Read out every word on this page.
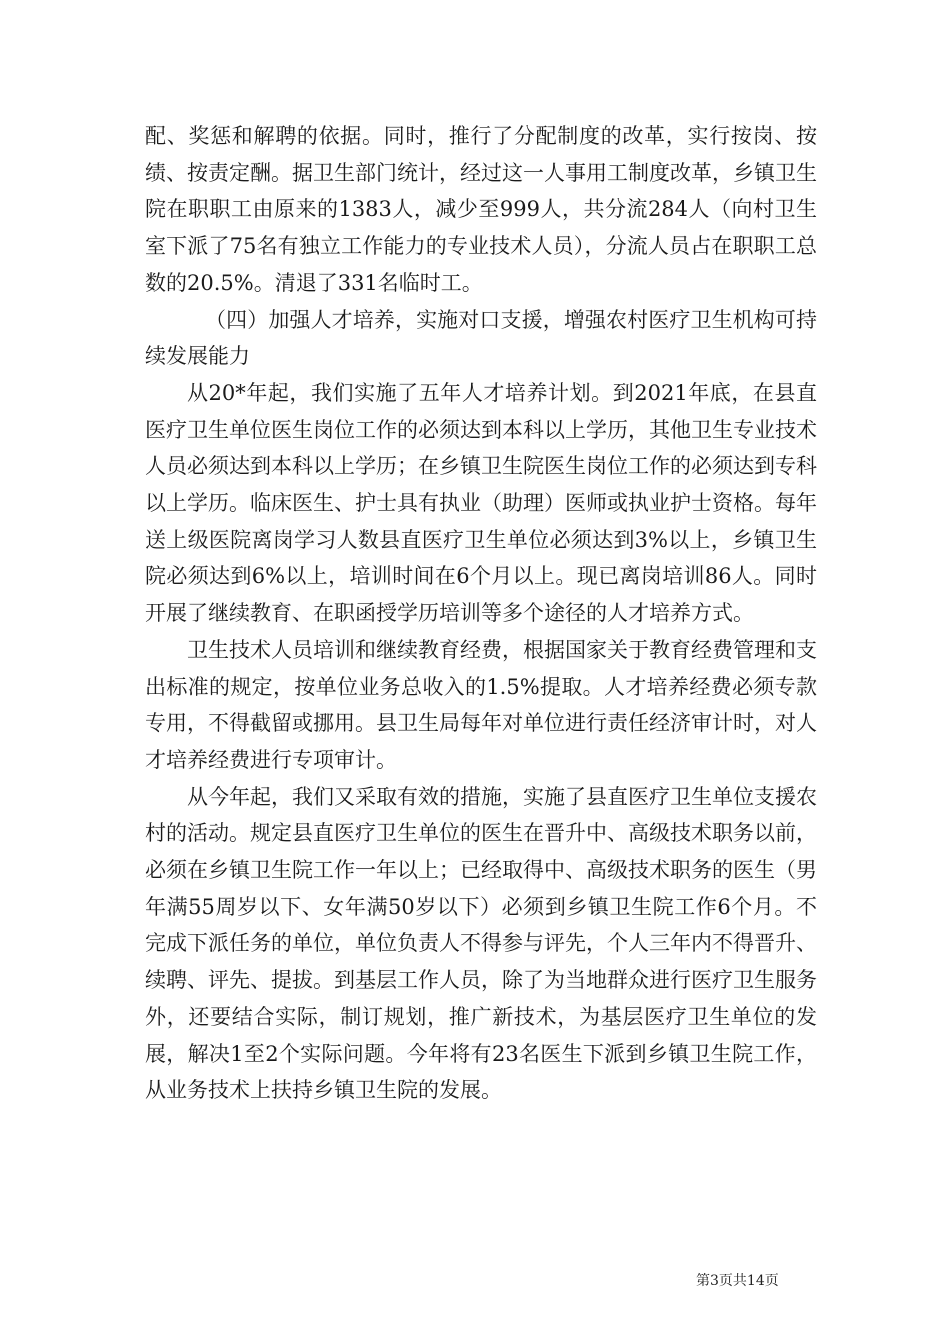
配、奖惩和解聘的依据。同时，推行了分配制度的改革，实行按岗、按绩、按责定酬。据卫生部门统计，经过这一人事用工制度改革，乡镇卫生院在职职工由原来的1383人，减少至999人，共分流284人（向村卫生室下派了75名有独立工作能力的专业技术人员），分流人员占在职职工总数的20.5%。清退了331名临时工。

（四）加强人才培养，实施对口支援，增强农村医疗卫生机构可持续发展能力

从20*年起，我们实施了五年人才培养计划。到2021年底，在县直医疗卫生单位医生岗位工作的必须达到本科以上学历，其他卫生专业技术人员必须达到本科以上学历；在乡镇卫生院医生岗位工作的必须达到专科以上学历。临床医生、护士具有执业（助理）医师或执业护士资格。每年送上级医院离岗学习人数县直医疗卫生单位必须达到3%以上，乡镇卫生院必须达到6%以上，培训时间在6个月以上。现已离岗培训86人。同时开展了继续教育、在职函授学历培训等多个途径的人才培养方式。

卫生技术人员培训和继续教育经费，根据国家关于教育经费管理和支出标准的规定，按单位业务总收入的1.5%提取。人才培养经费必须专款专用，不得截留或挪用。县卫生局每年对单位进行责任经济审计时，对人才培养经费进行专项审计。

从今年起，我们又采取有效的措施，实施了县直医疗卫生单位支援农村的活动。规定县直医疗卫生单位的医生在晋升中、高级技术职务以前，必须在乡镇卫生院工作一年以上；已经取得中、高级技术职务的医生（男年满55周岁以下、女年满50岁以下）必须到乡镇卫生院工作6个月。不完成下派任务的单位，单位负责人不得参与评先，个人三年内不得晋升、续聘、评先、提拔。到基层工作人员，除了为当地群众进行医疗卫生服务外，还要结合实际，制订规划，推广新技术，为基层医疗卫生单位的发展，解决1至2个实际问题。今年将有23名医生下派到乡镇卫生院工作，从业务技术上扶持乡镇卫生院的发展。

第3页共14页
